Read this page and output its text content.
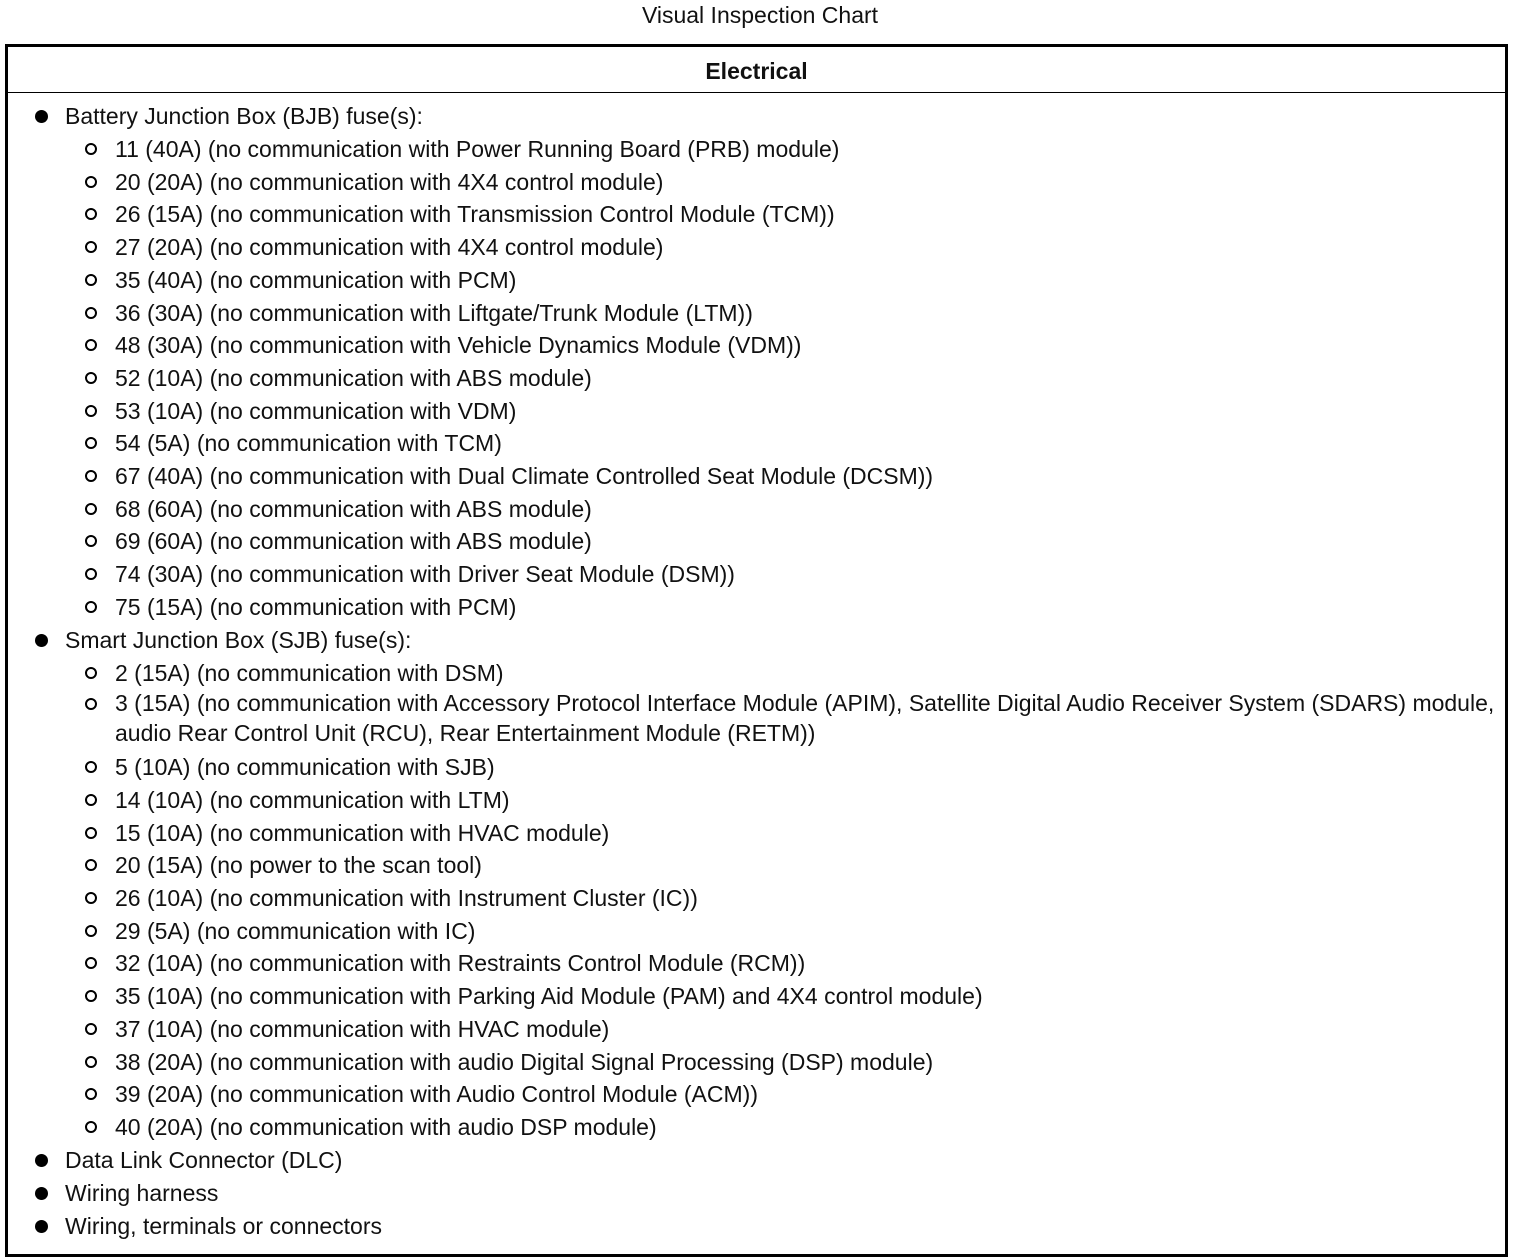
Visual Inspection Chart
Electrical
Battery Junction Box (BJB) fuse(s):
11 (40A) (no communication with Power Running Board (PRB) module)
20 (20A) (no communication with 4X4 control module)
26 (15A) (no communication with Transmission Control Module (TCM))
27 (20A) (no communication with 4X4 control module)
35 (40A) (no communication with PCM)
36 (30A) (no communication with Liftgate/Trunk Module (LTM))
48 (30A) (no communication with Vehicle Dynamics Module (VDM))
52 (10A) (no communication with ABS module)
53 (10A) (no communication with VDM)
54 (5A) (no communication with TCM)
67 (40A) (no communication with Dual Climate Controlled Seat Module (DCSM))
68 (60A) (no communication with ABS module)
69 (60A) (no communication with ABS module)
74 (30A) (no communication with Driver Seat Module (DSM))
75 (15A) (no communication with PCM)
Smart Junction Box (SJB) fuse(s):
2 (15A) (no communication with DSM)
3 (15A) (no communication with Accessory Protocol Interface Module (APIM), Satellite Digital Audio Receiver System (SDARS) module, audio Rear Control Unit (RCU), Rear Entertainment Module (RETM))
5 (10A) (no communication with SJB)
14 (10A) (no communication with LTM)
15 (10A) (no communication with HVAC module)
20 (15A) (no power to the scan tool)
26 (10A) (no communication with Instrument Cluster (IC))
29 (5A) (no communication with IC)
32 (10A) (no communication with Restraints Control Module (RCM))
35 (10A) (no communication with Parking Aid Module (PAM) and 4X4 control module)
37 (10A) (no communication with HVAC module)
38 (20A) (no communication with audio Digital Signal Processing (DSP) module)
39 (20A) (no communication with Audio Control Module (ACM))
40 (20A) (no communication with audio DSP module)
Data Link Connector (DLC)
Wiring harness
Wiring, terminals or connectors
